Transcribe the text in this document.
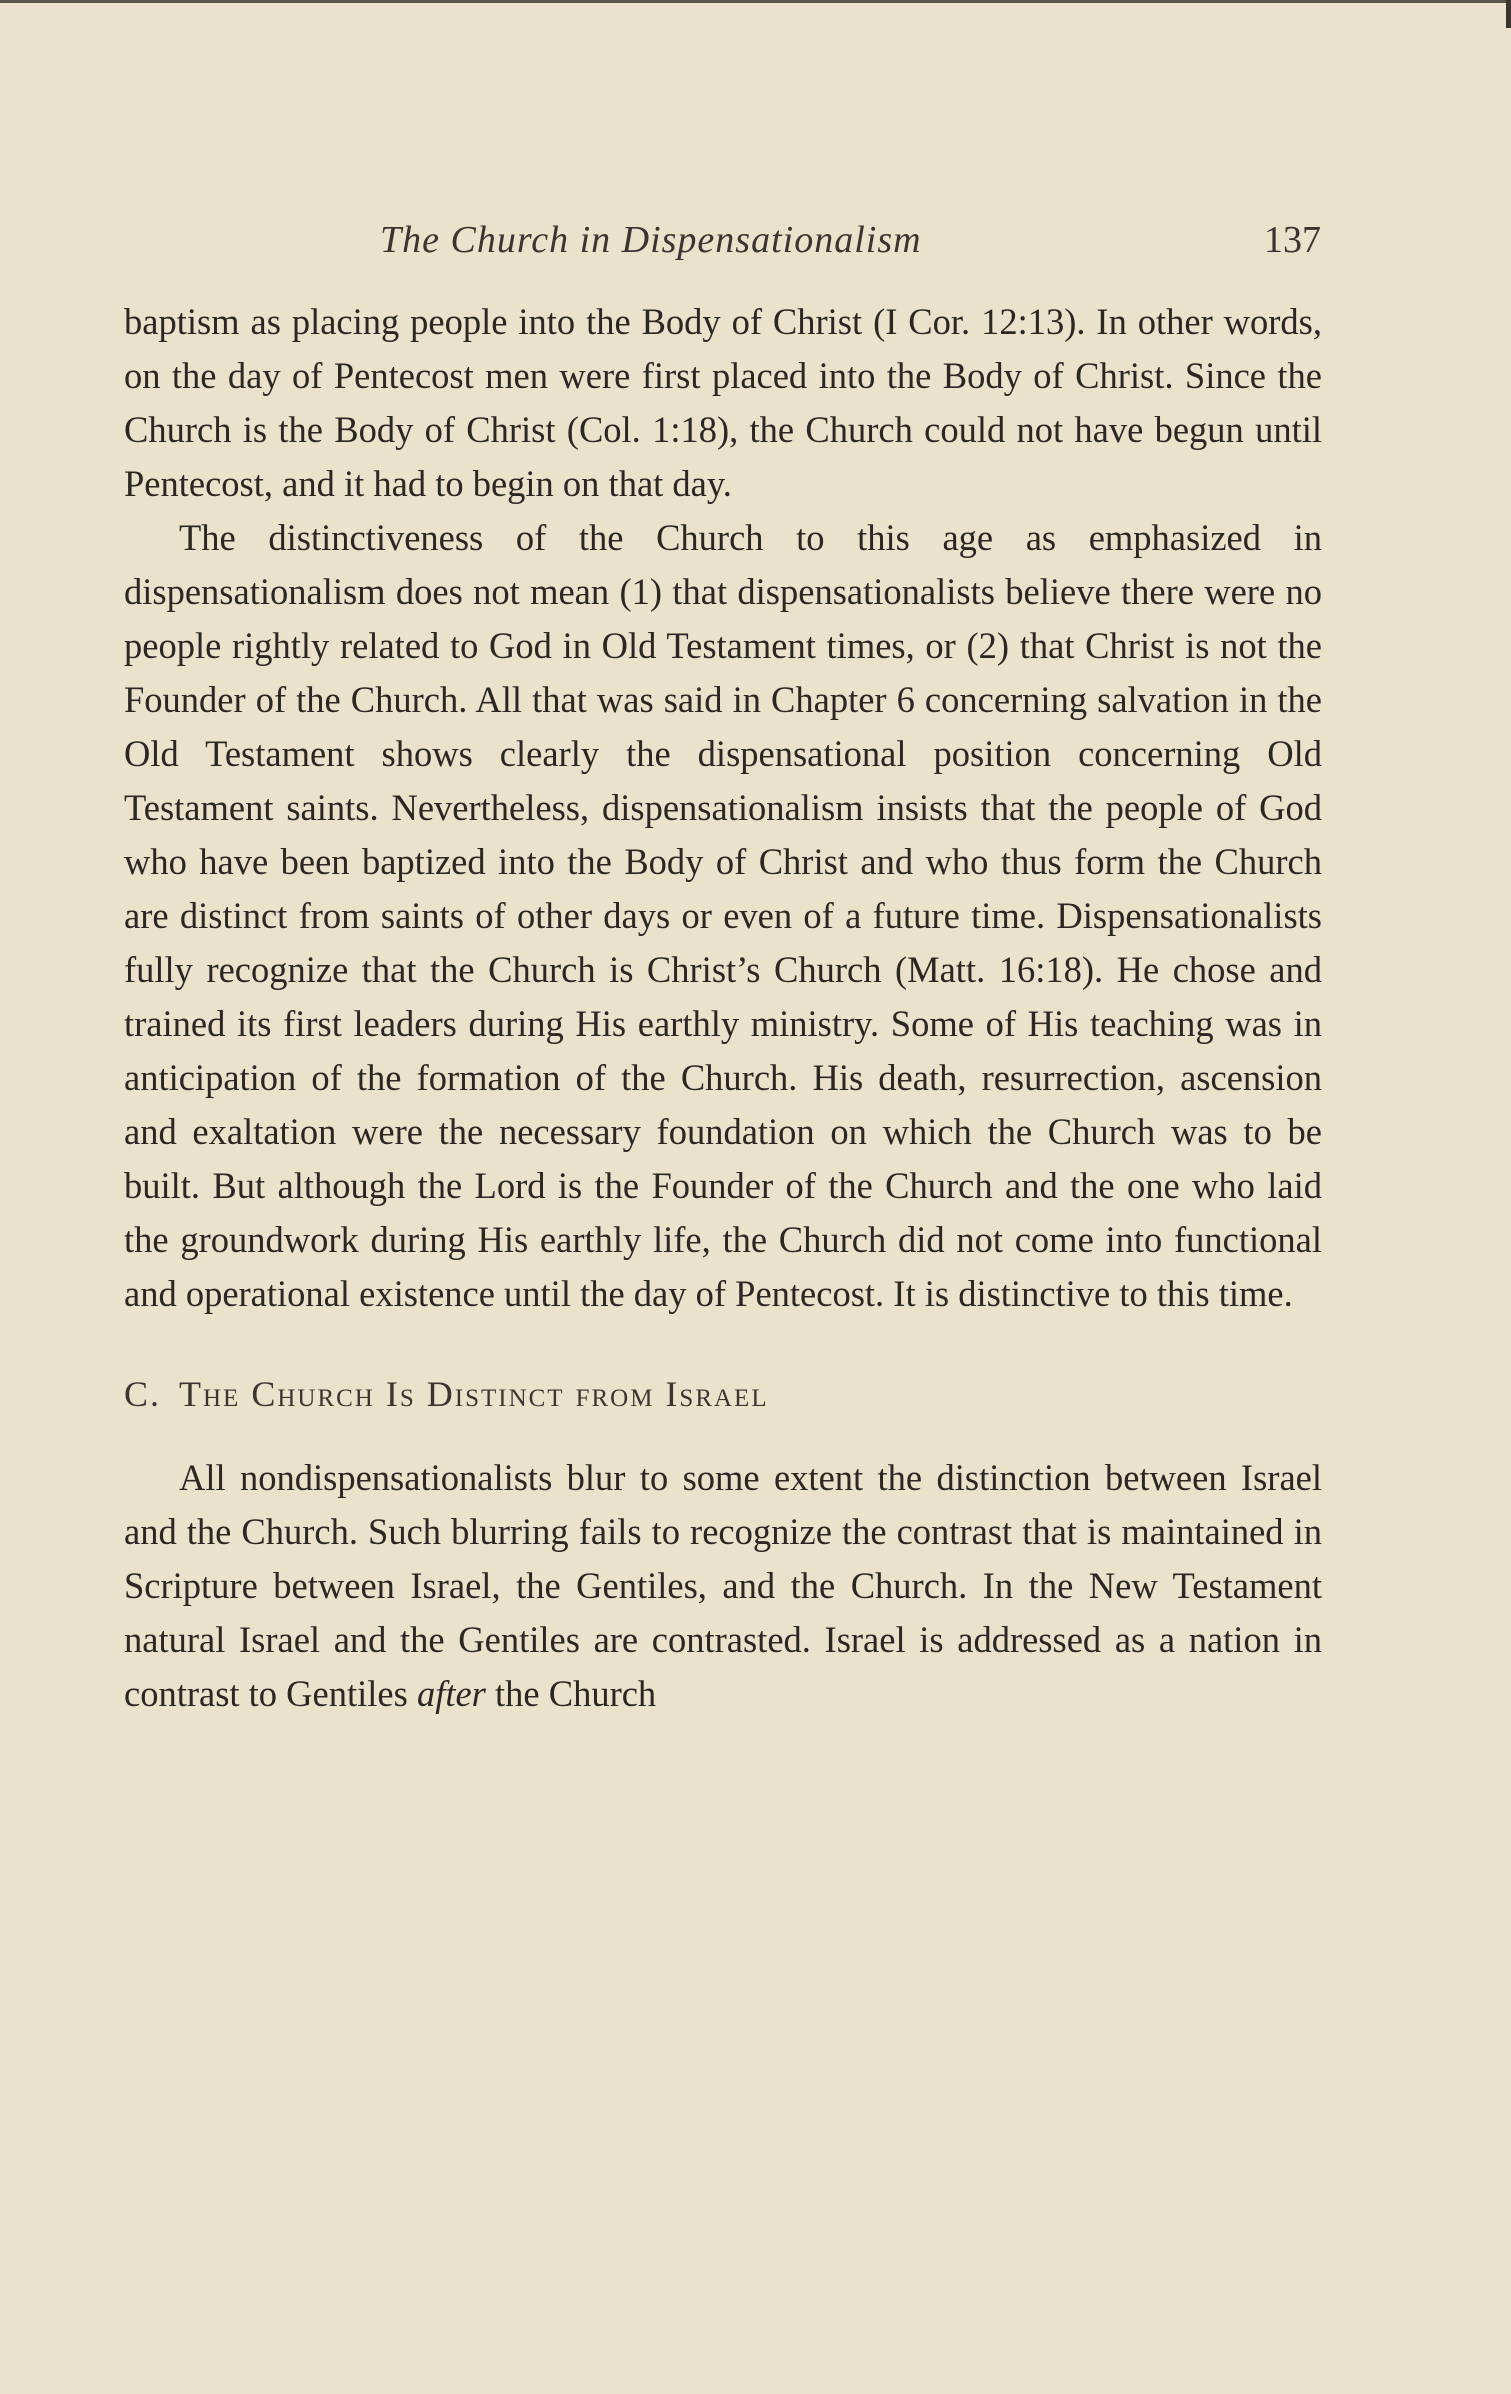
The Church in Dispensationalism	137

baptism as placing people into the Body of Christ (I Cor. 12:13). In other words, on the day of Pentecost men were first placed into the Body of Christ. Since the Church is the Body of Christ (Col. 1:18), the Church could not have begun until Pentecost, and it had to begin on that day.

The distinctiveness of the Church to this age as emphasized in dispensationalism does not mean (1) that dispensationalists believe there were no people rightly related to God in Old Testament times, or (2) that Christ is not the Founder of the Church. All that was said in Chapter 6 concerning salvation in the Old Testament shows clearly the dispensational position concerning Old Testament saints. Nevertheless, dispensationalism insists that the people of God who have been baptized into the Body of Christ and who thus form the Church are distinct from saints of other days or even of a future time. Dispensationalists fully recognize that the Church is Christ’s Church (Matt. 16:18). He chose and trained its first leaders during His earthly ministry. Some of His teaching was in anticipation of the formation of the Church. His death, resurrection, ascension and exaltation were the necessary foundation on which the Church was to be built. But although the Lord is the Founder of the Church and the one who laid the groundwork during His earthly life, the Church did not come into functional and operational existence until the day of Pentecost. It is distinctive to this time.

C. The Church Is Distinct from Israel

All nondispensationalists blur to some extent the distinction between Israel and the Church. Such blurring fails to recognize the contrast that is maintained in Scripture between Israel, the Gentiles, and the Church. In the New Testament natural Israel and the Gentiles are contrasted. Israel is addressed as a nation in contrast to Gentiles after the Church
